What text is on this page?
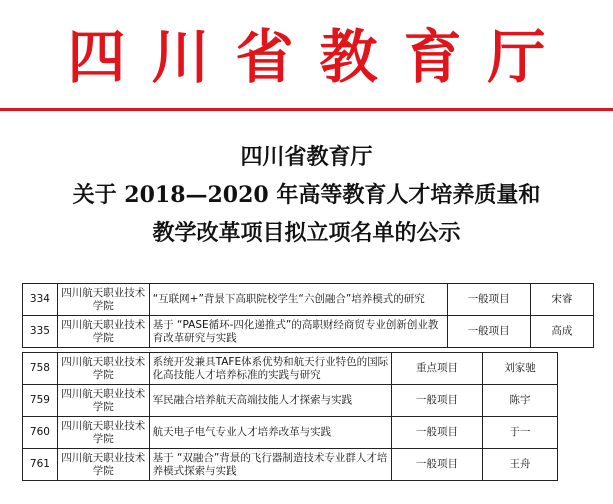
四川省教育厅
四川省教育厅
关于 2018—2020 年高等教育人才培养质量和
教学改革项目拟立项名单的公示
334	四川航天职业技术学院	“互联网+”背景下高职院校学生“六创融合”培养模式的研究	一般项目	宋睿
335	四川航天职业技术学院	基于 “PASE循环-四化递推式”的高职财经商贸专业创新创业教育改革研究与实践	一般项目	高成
758	四川航天职业技术学院	系统开发兼具TAFE体系优势和航天行业特色的国际化高技能人才培养标准的实践与研究	重点项目	刘家驰
759	四川航天职业技术学院	军民融合培养航天高端技能人才探索与实践	一般项目	陈宇
760	四川航天职业技术学院	航天电子电气专业人才培养改革与实践	一般项目	于一
761	四川航天职业技术学院	基于 “双融合”背景的飞行器制造技术专业群人才培养模式探索与实践	一般项目	王舟
